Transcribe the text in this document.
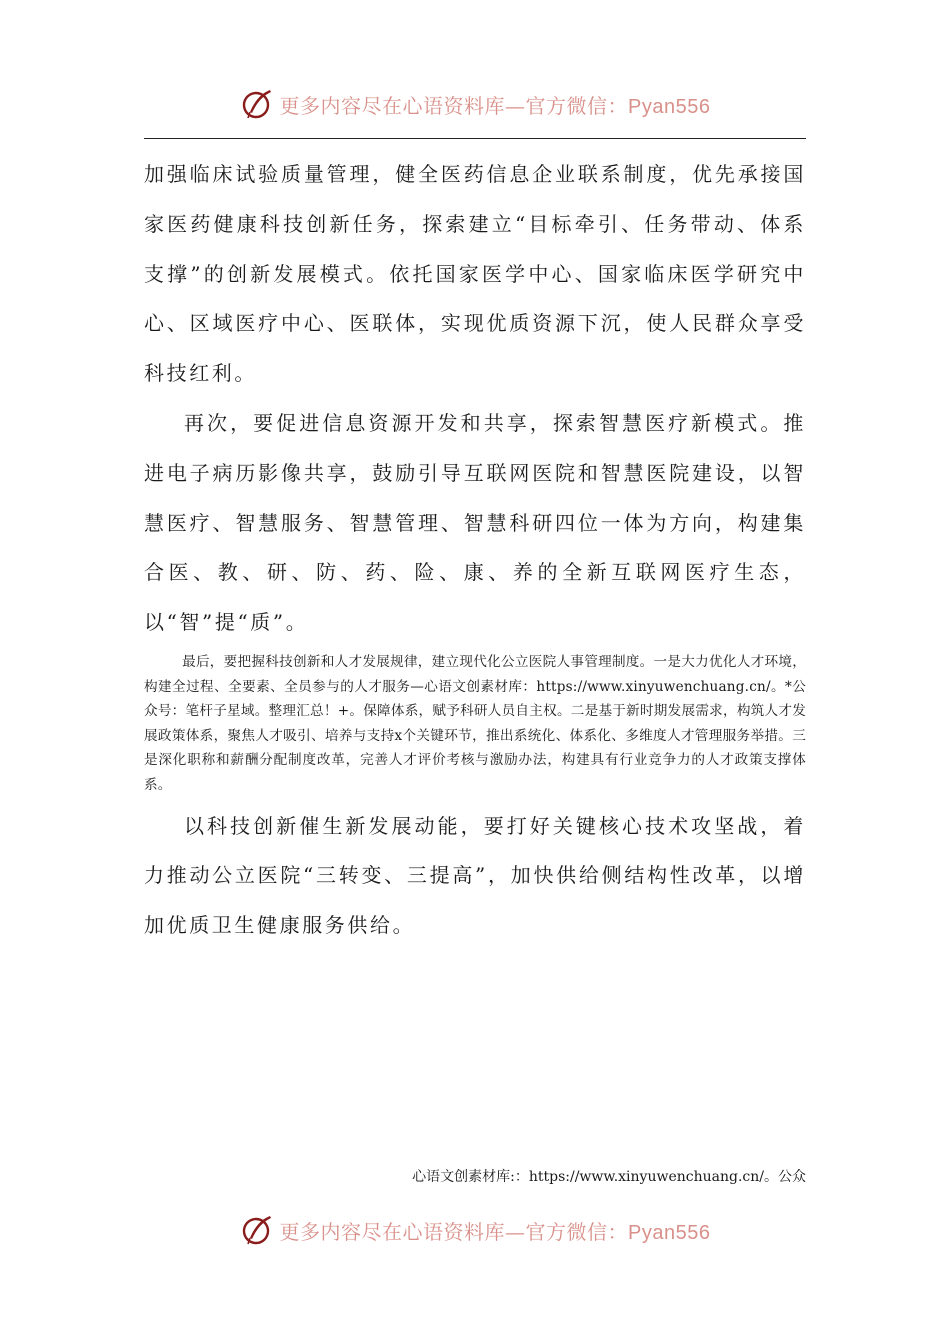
更多内容尽在心语资料库—官方微信：Pyan556

加强临床试验质量管理，健全医药信息企业联系制度，优先承接国家医药健康科技创新任务，探索建立“目标牵引、任务带动、体系支撑”的创新发展模式。依托国家医学中心、国家临床医学研究中心、区域医疗中心、医联体，实现优质资源下沉，使人民群众享受科技红利。

再次，要促进信息资源开发和共享，探索智慧医疗新模式。推进电子病历影像共享，鼓励引导互联网医院和智慧医院建设，以智慧医疗、智慧服务、智慧管理、智慧科研四位一体为方向，构建集合医、教、研、防、药、险、康、养的全新互联网医疗生态，以“智”提“质”。

最后，要把握科技创新和人才发展规律，建立现代化公立医院人事管理制度。一是大力优化人才环境，构建全过程、全要素、全员参与的人才服务—心语文创素材库：https://www.xinyuwenchuang.cn/。*公众号：笔杆子星域。整理汇总！+。保障体系，赋予科研人员自主权。二是基于新时期发展需求，构筑人才发展政策体系，聚焦人才吸引、培养与支持x个关键环节，推出系统化、体系化、多维度人才管理服务举措。三是深化职称和薪酬分配制度改革，完善人才评价考核与激励办法，构建具有行业竞争力的人才政策支撑体系。

以科技创新催生新发展动能，要打好关键核心技术攻坚战，着力推动公立医院“三转变、三提高”，加快供给侧结构性改革，以增加优质卫生健康服务供给。

心语文创素材库:：https://www.xinyuwenchuang.cn/。公众
更多内容尽在心语资料库—官方微信：Pyan556
